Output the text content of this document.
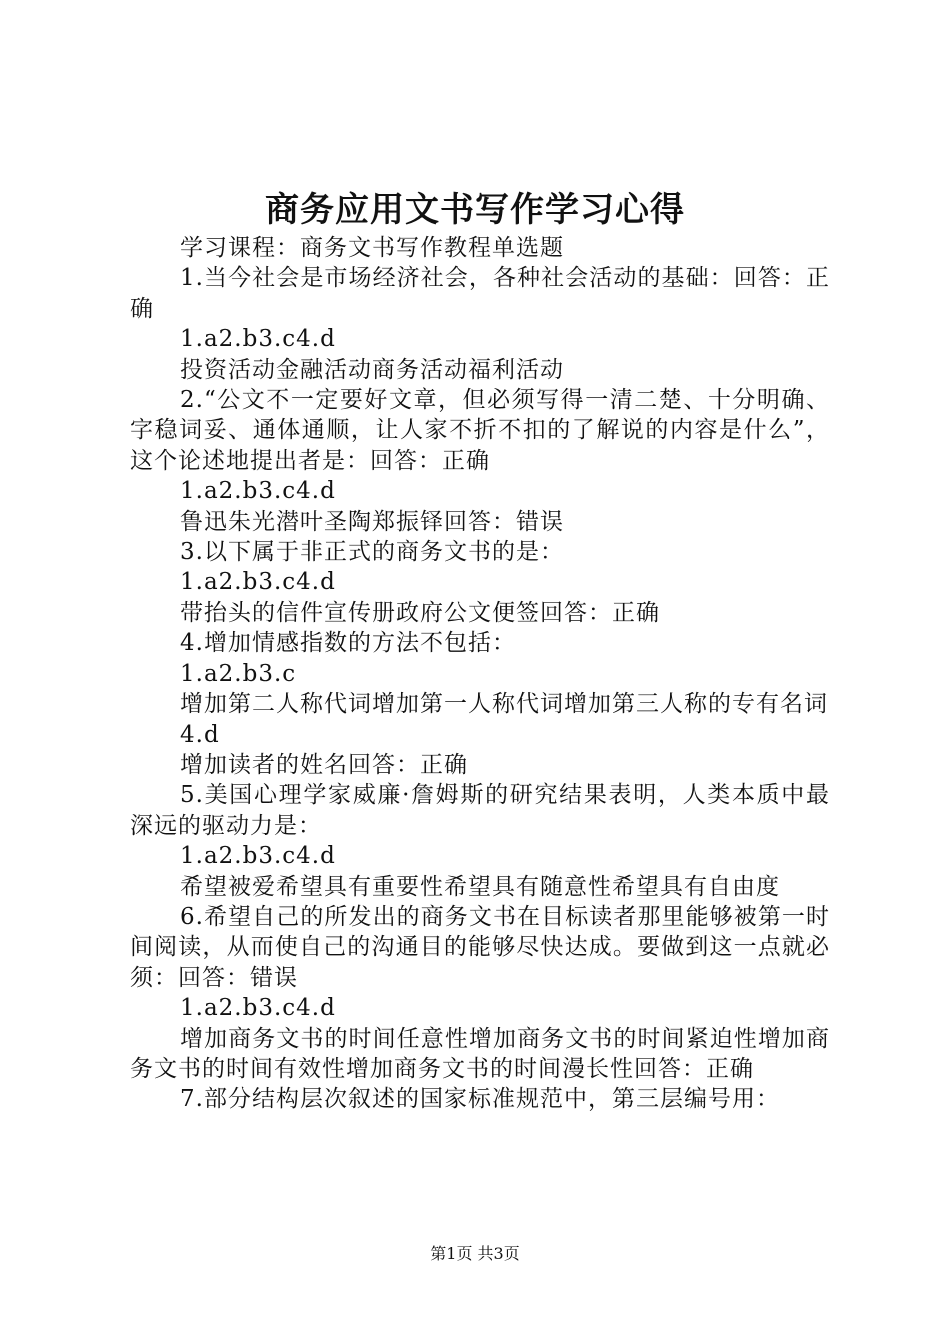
商务应用文书写作学习心得

学习课程：商务文书写作教程单选题

1.当今社会是市场经济社会，各种社会活动的基础：回答：正确

1.a2.b3.c4.d

投资活动金融活动商务活动福利活动

2.“公文不一定要好文章，但必须写得一清二楚、十分明确、字稳词妥、通体通顺，让人家不折不扣的了解说的内容是什么”，这个论述地提出者是：回答：正确

1.a2.b3.c4.d

鲁迅朱光潜叶圣陶郑振铎回答：错误

3.以下属于非正式的商务文书的是：

1.a2.b3.c4.d

带抬头的信件宣传册政府公文便签回答：正确

4.增加情感指数的方法不包括：

1.a2.b3.c

增加第二人称代词增加第一人称代词增加第三人称的专有名词

4.d

增加读者的姓名回答：正确

5.美国心理学家威廉·詹姆斯的研究结果表明，人类本质中最深远的驱动力是：

1.a2.b3.c4.d

希望被爱希望具有重要性希望具有随意性希望具有自由度

6.希望自己的所发出的商务文书在目标读者那里能够被第一时间阅读，从而使自己的沟通目的能够尽快达成。要做到这一点就必须：回答：错误

1.a2.b3.c4.d

增加商务文书的时间任意性增加商务文书的时间紧迫性增加商务文书的时间有效性增加商务文书的时间漫长性回答：正确

7.部分结构层次叙述的国家标准规范中，第三层编号用：

第1页 共3页
